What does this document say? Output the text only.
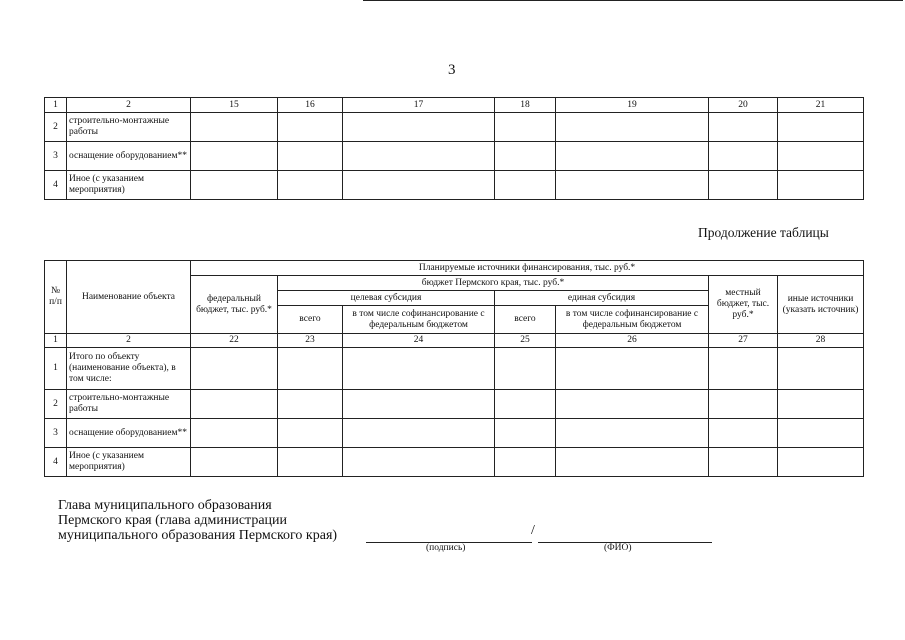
3
1	2	15	16	17	18	19	20	21
2	строительно-монтажные работы							
3	оснащение оборудованием**							
4	Иное (с указанием мероприятия)							
Продолжение таблицы
№ п/п	Наименование объекта	Планируемые источники финансирования, тыс. руб.*						
		федеральный бюджет, тыс. руб.*	бюджет Пермского края, тыс. руб.*				местный бюджет, тыс. руб.*	иные источники (указать источник)
			целевая субсидия		единая субсидия			
			всего	в том числе софинансирование с федеральным бюджетом	всего	в том числе софинансирование с федеральным бюджетом		
1	2	22	23	24	25	26	27	28
1	Итого по объекту (наименование объекта), в том числе:							
2	строительно-монтажные работы							
3	оснащение оборудованием**							
4	Иное (с указанием мероприятия)							
Глава муниципального образования
Пермского края (глава администрации
муниципального образования Пермского края)	/
(подпись)	(ФИО)
